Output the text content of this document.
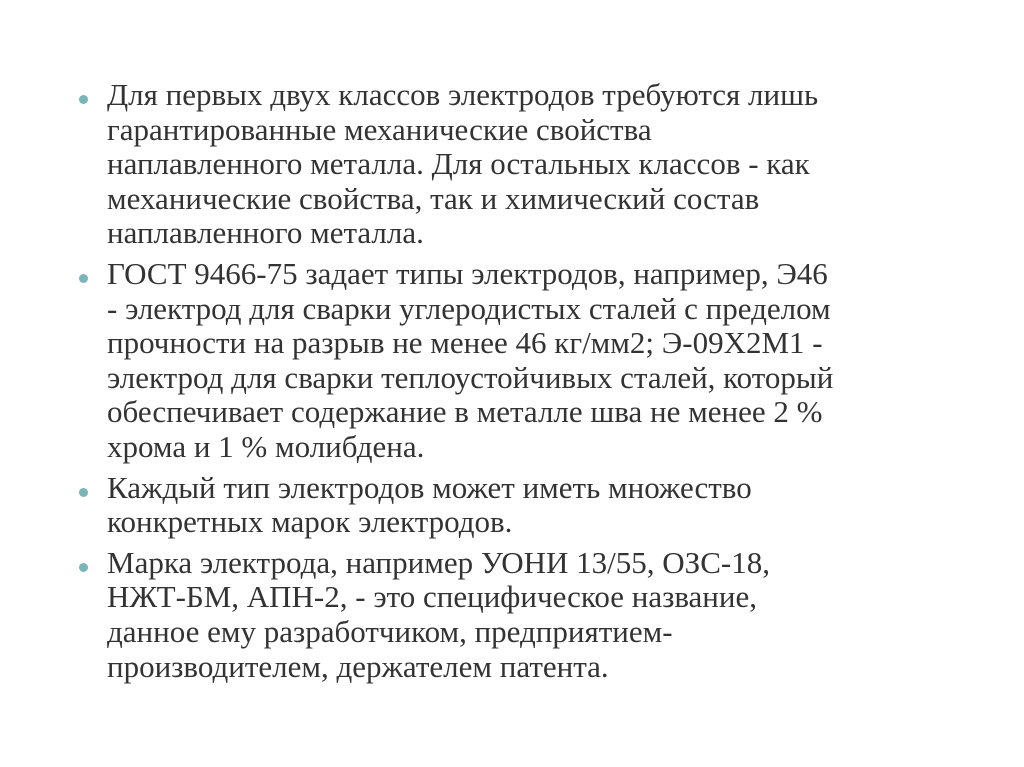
Для первых двух классов электродов требуются лишь
гарантированные механические свойства
наплавленного металла. Для остальных классов - как
механические свойства, так и химический состав
наплавленного металла.
ГОСТ 9466-75 задает типы электродов, например, Э46
- электрод для сварки углеродистых сталей с пределом
прочности на разрыв не менее 46 кг/мм2; Э-09Х2М1 -
электрод для сварки теплоустойчивых сталей, который
обеспечивает содержание в металле шва не менее 2 %
хрома и 1 % молибдена.
Каждый тип электродов может иметь множество
конкретных марок электродов.
Марка электрода, например УОНИ 13/55, ОЗС-18,
НЖТ-БМ, АПН-2, - это специфическое название,
данное ему разработчиком, предприятием-
производителем, держателем патента.
